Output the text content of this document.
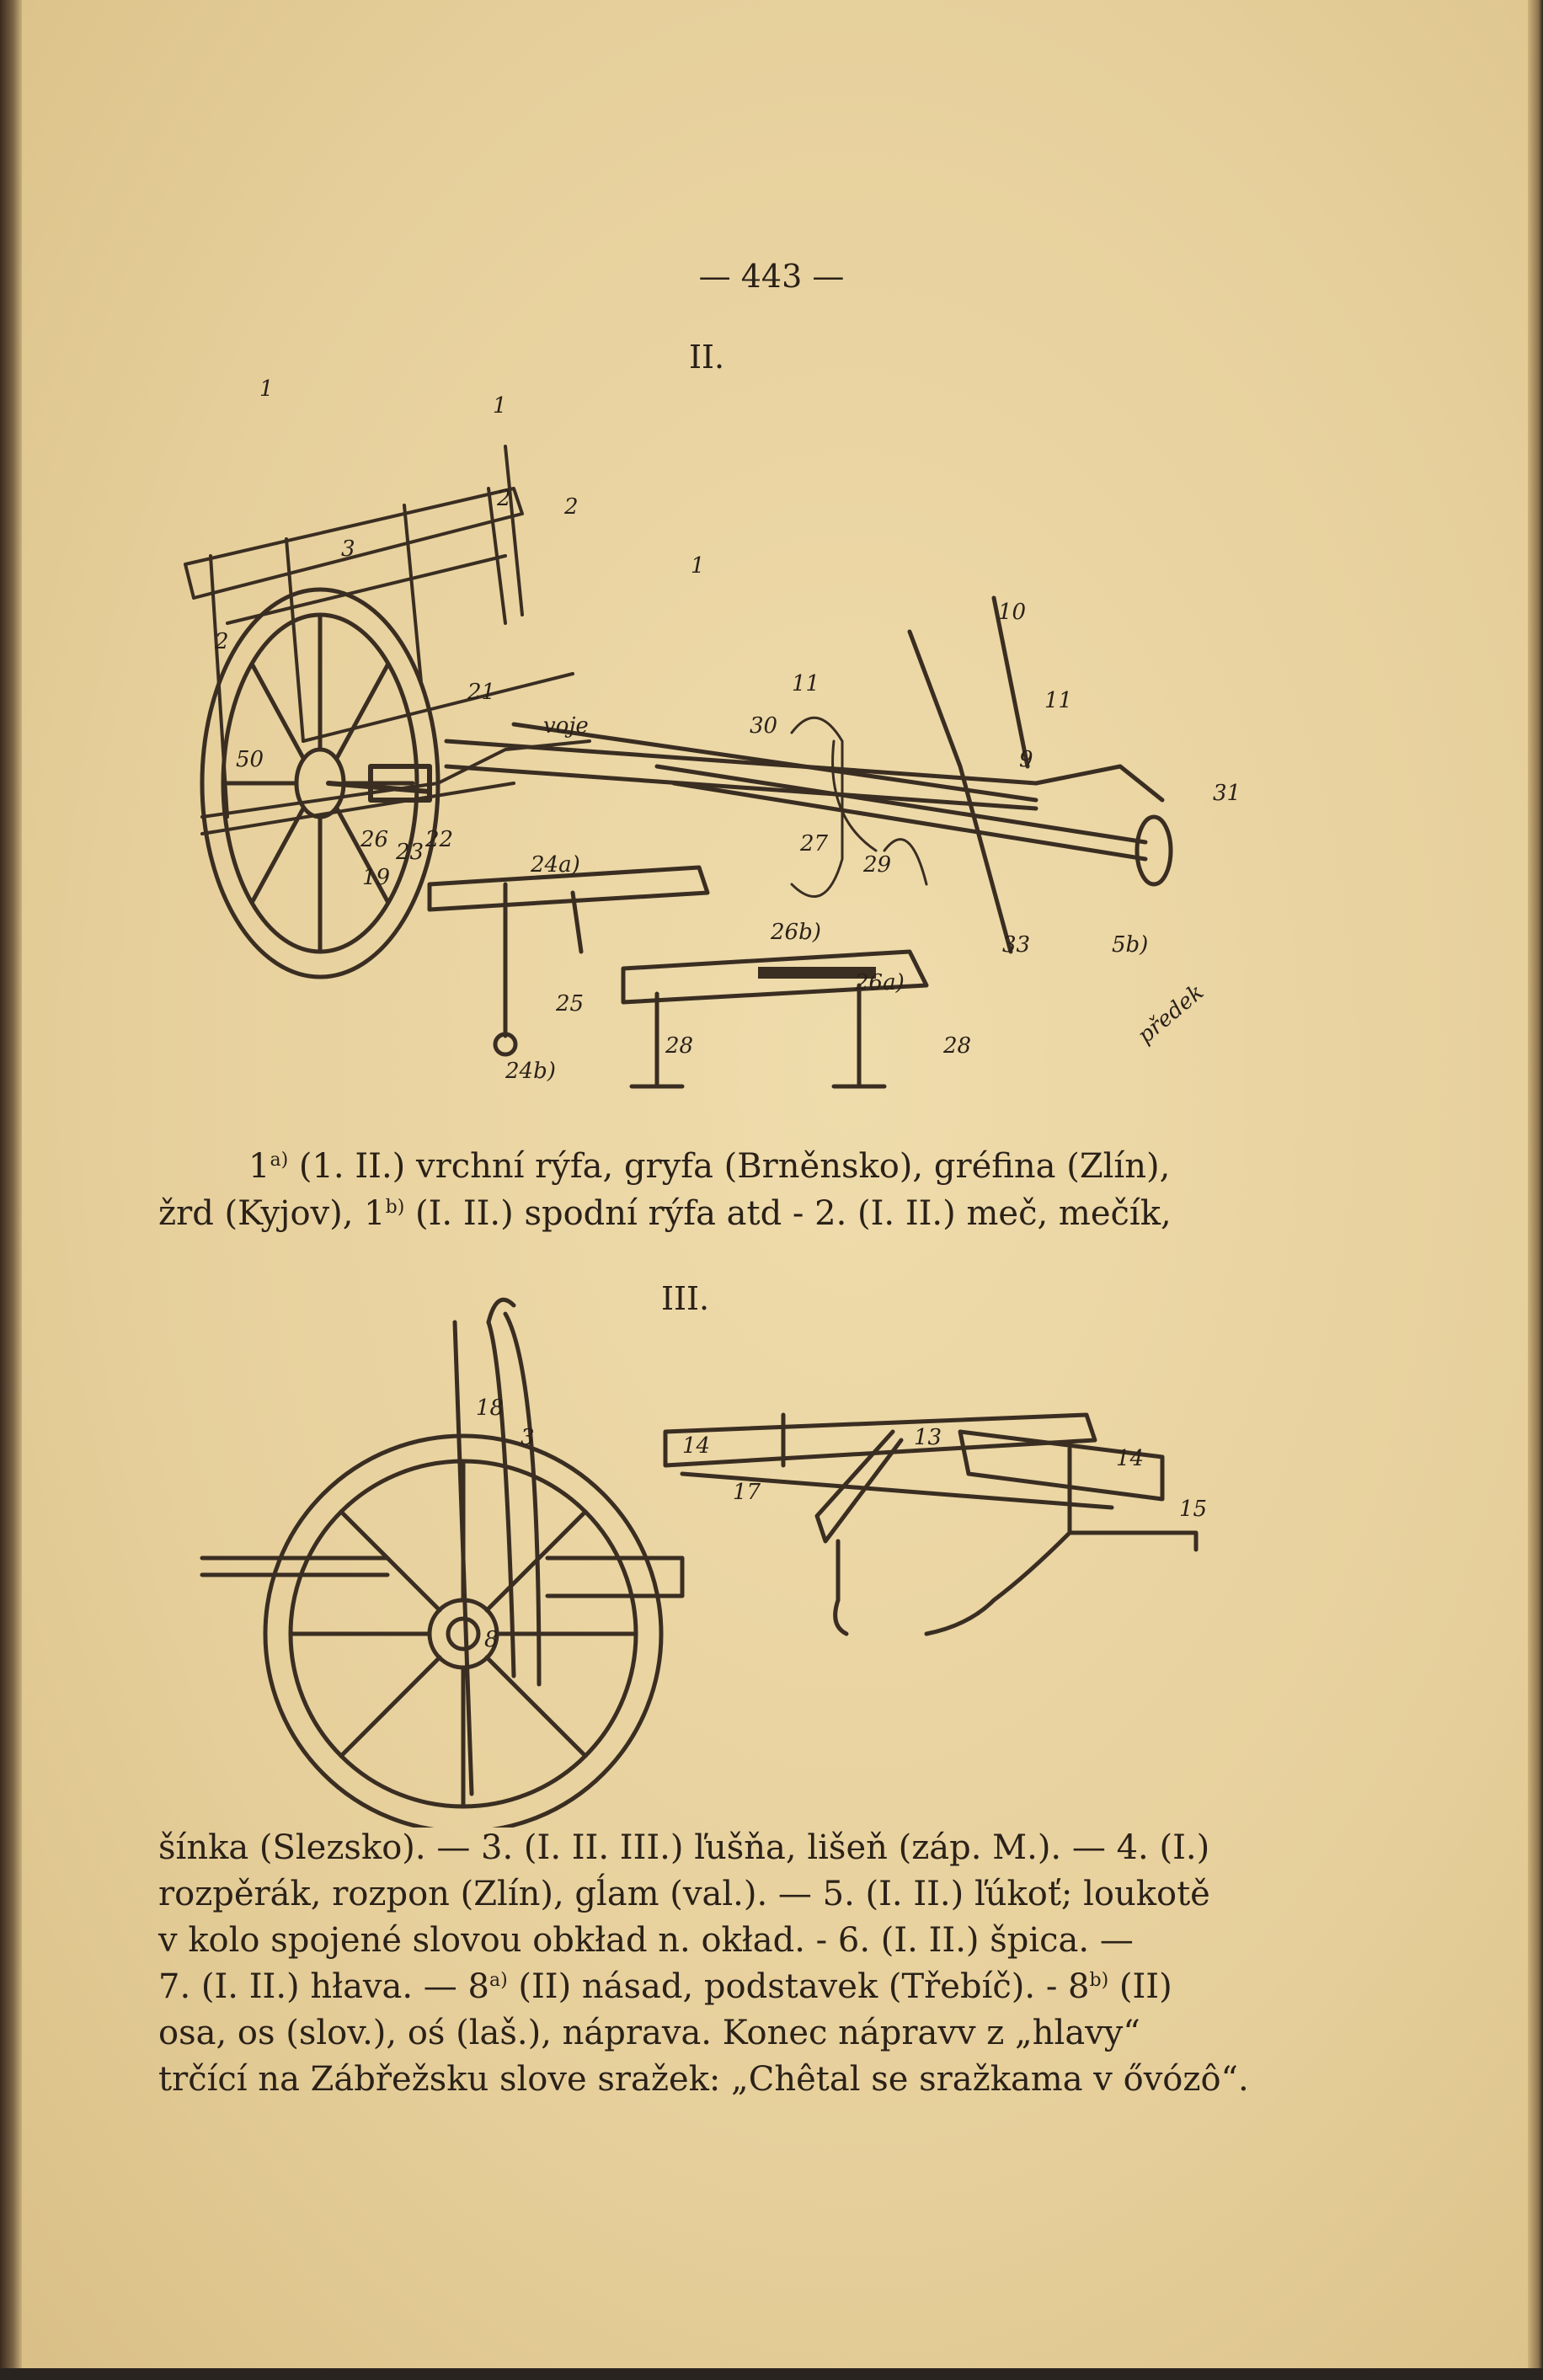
— 443 —
II.
1
1
2 2
3
1
2
50
21
voje	30
11
10
11
9
31
29
27
26 23 22
19	24a)
26b)
26a)
25
28	28
24b)
33	5b)
předek
1$^{a)}$ (1. II.) vrchní rýfa, gryfa (Brněnsko), gréfina (Zlín),
žrd (Kyjov), 1$^{b)}$ (I. II.) spodní rýfa atd - 2. (I. II.) meč, mečík,
III.
18
3
8
14
17
13
14
15
šínka (Slezsko). — 3. (I. II. III.) ľušňa, lišeň (záp. M.). — 4. (I.)
rozpěrák, rozpon (Zlín), gĺam (val.). — 5. (I. II.) ľúkoť; loukotě
v kolo spojené slovou obkład n. okład. - 6. (I. II.) špica. —
7. (I. II.) hłava. — 8$^{a)}$ (II) násad, podstavek (Třebíč). - 8$^{b)}$ (II)
osa, os (slov.), oś (laš.), náprava. Konec nápravv z „hlavy“
trčící na Zábřežsku slove sražek: „Chêtal se sražkama v ővózô“.
